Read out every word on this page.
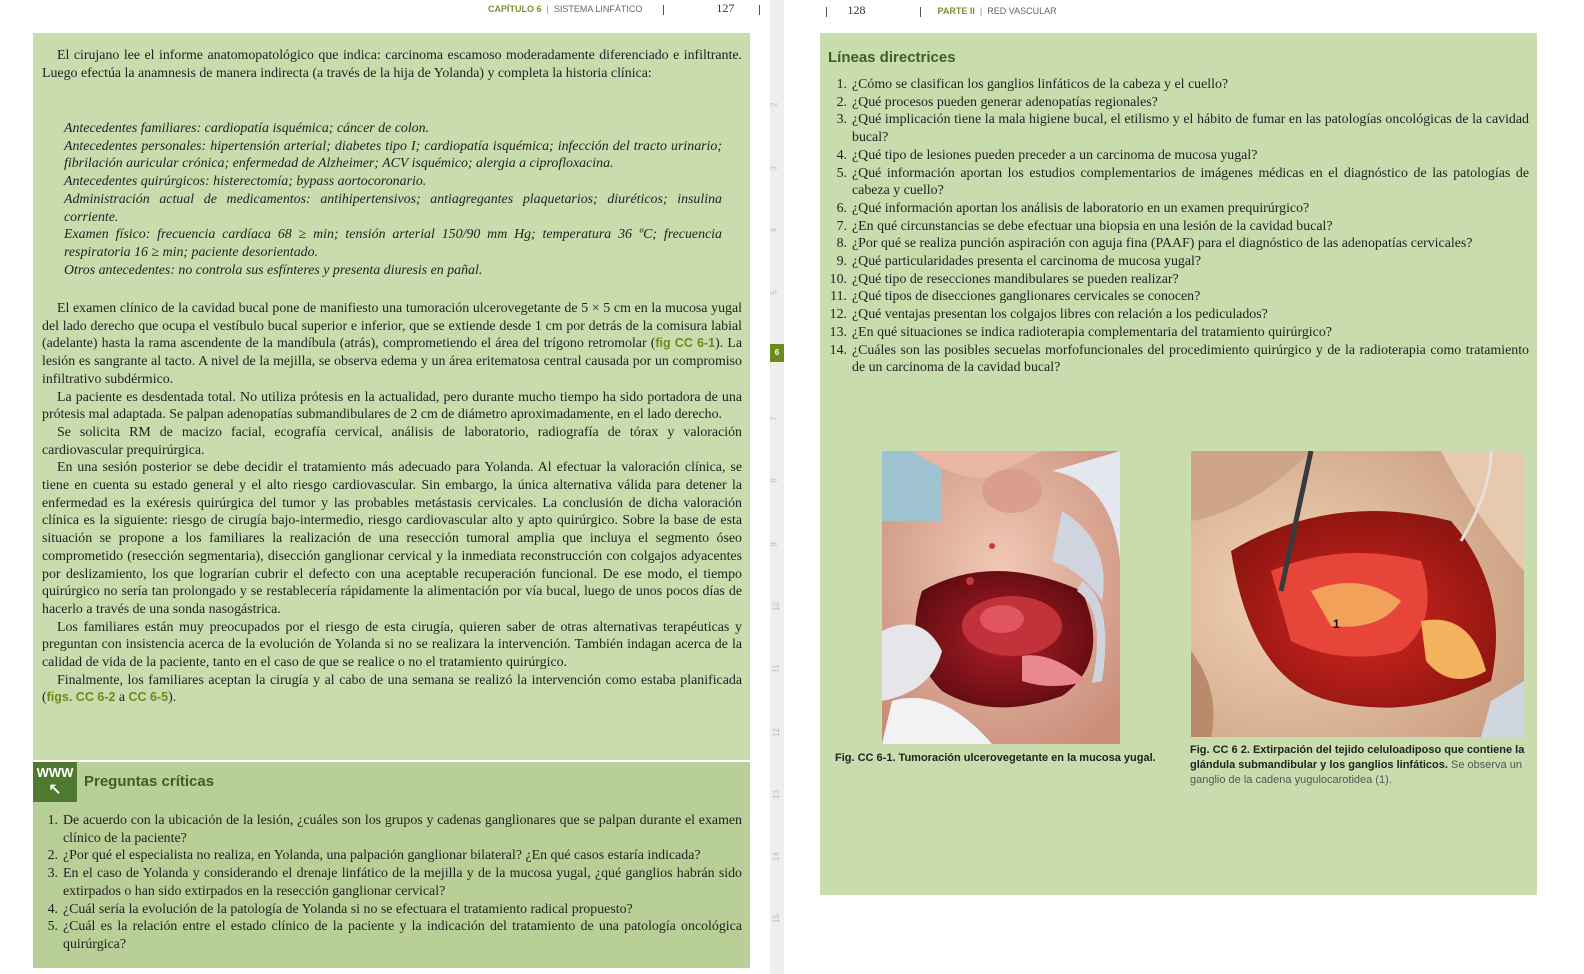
CAPÍTULO 6 | SISTEMA LINFÁTICO	127

El cirujano lee el informe anatomopatológico que indica: carcinoma escamoso moderadamente diferenciado e infiltrante. Luego efectúa la anamnesis de manera indirecta (a través de la hija de Yolanda) y completa la historia clínica:

Antecedentes familiares: cardiopatía isquémica; cáncer de colon.
Antecedentes personales: hipertensión arterial; diabetes tipo I; cardiopatía isquémica; infección del tracto urinario; fibrilación auricular crónica; enfermedad de Alzheimer; ACV isquémico; alergia a ciprofloxacina.
Antecedentes quirúrgicos: histerectomía; bypass aortocoronario.
Administración actual de medicamentos: antihipertensivos; antiagregantes plaquetarios; diuréticos; insulina corriente.
Examen físico: frecuencia cardíaca 68 ≥ min; tensión arterial 150/90 mm Hg; temperatura 36 ºC; frecuencia respiratoria 16 ≥ min; paciente desorientado.
Otros antecedentes: no controla sus esfínteres y presenta diuresis en pañal.

El examen clínico de la cavidad bucal pone de manifiesto una tumoración ulcerovegetante de 5 × 5 cm en la mucosa yugal del lado derecho que ocupa el vestíbulo bucal superior e inferior, que se extiende desde 1 cm por detrás de la comisura labial (adelante) hasta la rama ascendente de la mandíbula (atrás), comprometiendo el área del trígono retromolar (fig CC 6-1). La lesión es sangrante al tacto. A nivel de la mejilla, se observa edema y un área eritematosa central causada por un compromiso infiltrativo subdérmico.

La paciente es desdentada total. No utiliza prótesis en la actualidad, pero durante mucho tiempo ha sido portadora de una prótesis mal adaptada. Se palpan adenopatías submandibulares de 2 cm de diámetro aproximadamente, en el lado derecho.

Se solicita RM de macizo facial, ecografía cervical, análisis de laboratorio, radiografía de tórax y valoración cardiovascular prequirúrgica.

En una sesión posterior se debe decidir el tratamiento más adecuado para Yolanda. Al efectuar la valoración clínica, se tiene en cuenta su estado general y el alto riesgo cardiovascular. Sin embargo, la única alternativa válida para detener la enfermedad es la exéresis quirúrgica del tumor y las probables metástasis cervicales. La conclusión de dicha valoración clínica es la siguiente: riesgo de cirugía bajo-intermedio, riesgo cardiovascular alto y apto quirúrgico. Sobre la base de esta situación se propone a los familiares la realización de una resección tumoral amplia que incluya el segmento óseo comprometido (resección segmentaria), disección ganglionar cervical y la inmediata reconstrucción con colgajos adyacentes por deslizamiento, los que lograrían cubrir el defecto con una aceptable recuperación funcional. De ese modo, el tiempo quirúrgico no sería tan prolongado y se restablecería rápidamente la alimentación por vía bucal, luego de unos pocos días de hacerlo a través de una sonda nasogástrica.

Los familiares están muy preocupados por el riesgo de esta cirugía, quieren saber de otras alternativas terapéuticas y preguntan con insistencia acerca de la evolución de Yolanda si no se realizara la intervención. También indagan acerca de la calidad de vida de la paciente, tanto en el caso de que se realice o no el tratamiento quirúrgico.

Finalmente, los familiares aceptan la cirugía y al cabo de una semana se realizó la intervención como estaba planificada (figs. CC 6-2 a CC 6-5).

WWW
↖
Preguntas críticas
1. De acuerdo con la ubicación de la lesión, ¿cuáles son los grupos y cadenas ganglionares que se palpan durante el examen clínico de la paciente?
2. ¿Por qué el especialista no realiza, en Yolanda, una palpación ganglionar bilateral? ¿En qué casos estaría indicada?
3. En el caso de Yolanda y considerando el drenaje linfático de la mejilla y de la mucosa yugal, ¿qué ganglios habrán sido extirpados o han sido extirpados en la resección ganglionar cervical?
4. ¿Cuál sería la evolución de la patología de Yolanda si no se efectuara el tratamiento radical propuesto?
5. ¿Cuál es la relación entre el estado clínico de la paciente y la indicación del tratamiento de una patología oncológica quirúrgica?
6
2
3
4
5
7
8
9
10
11
12
13
14
15
128	PARTE II | RED VASCULAR
Líneas directrices
1. ¿Cómo se clasifican los ganglios linfáticos de la cabeza y el cuello?
2. ¿Qué procesos pueden generar adenopatías regionales?
3. ¿Qué implicación tiene la mala higiene bucal, el etilismo y el hábito de fumar en las patologías oncológicas de la cavidad bucal?
4. ¿Qué tipo de lesiones pueden preceder a un carcinoma de mucosa yugal?
5. ¿Qué información aportan los estudios complementarios de imágenes médicas en el diagnóstico de las patologías de cabeza y cuello?
6. ¿Qué información aportan los análisis de laboratorio en un examen prequirúrgico?
7. ¿En qué circunstancias se debe efectuar una biopsia en una lesión de la cavidad bucal?
8. ¿Por qué se realiza punción aspiración con aguja fina (PAAF) para el diagnóstico de las adenopatías cervicales?
9. ¿Qué particularidades presenta el carcinoma de mucosa yugal?
10. ¿Qué tipo de resecciones mandibulares se pueden realizar?
11. ¿Qué tipos de disecciones ganglionares cervicales se conocen?
12. ¿Qué ventajas presentan los colgajos libres con relación a los pediculados?
13. ¿En qué situaciones se indica radioterapia complementaria del tratamiento quirúrgico?
14. ¿Cuáles son las posibles secuelas morfofuncionales del procedimiento quirúrgico y de la radioterapia como tratamiento de un carcinoma de la cavidad bucal?
Fig. CC 6-1. Tumoración ulcerovegetante en la mucosa yugal.
1
Fig. CC 6 2. Extirpación del tejido celuloadiposo que contiene la glándula submandibular y los ganglios linfáticos. Se observa un ganglio de la cadena yugulocarotidea (1).
